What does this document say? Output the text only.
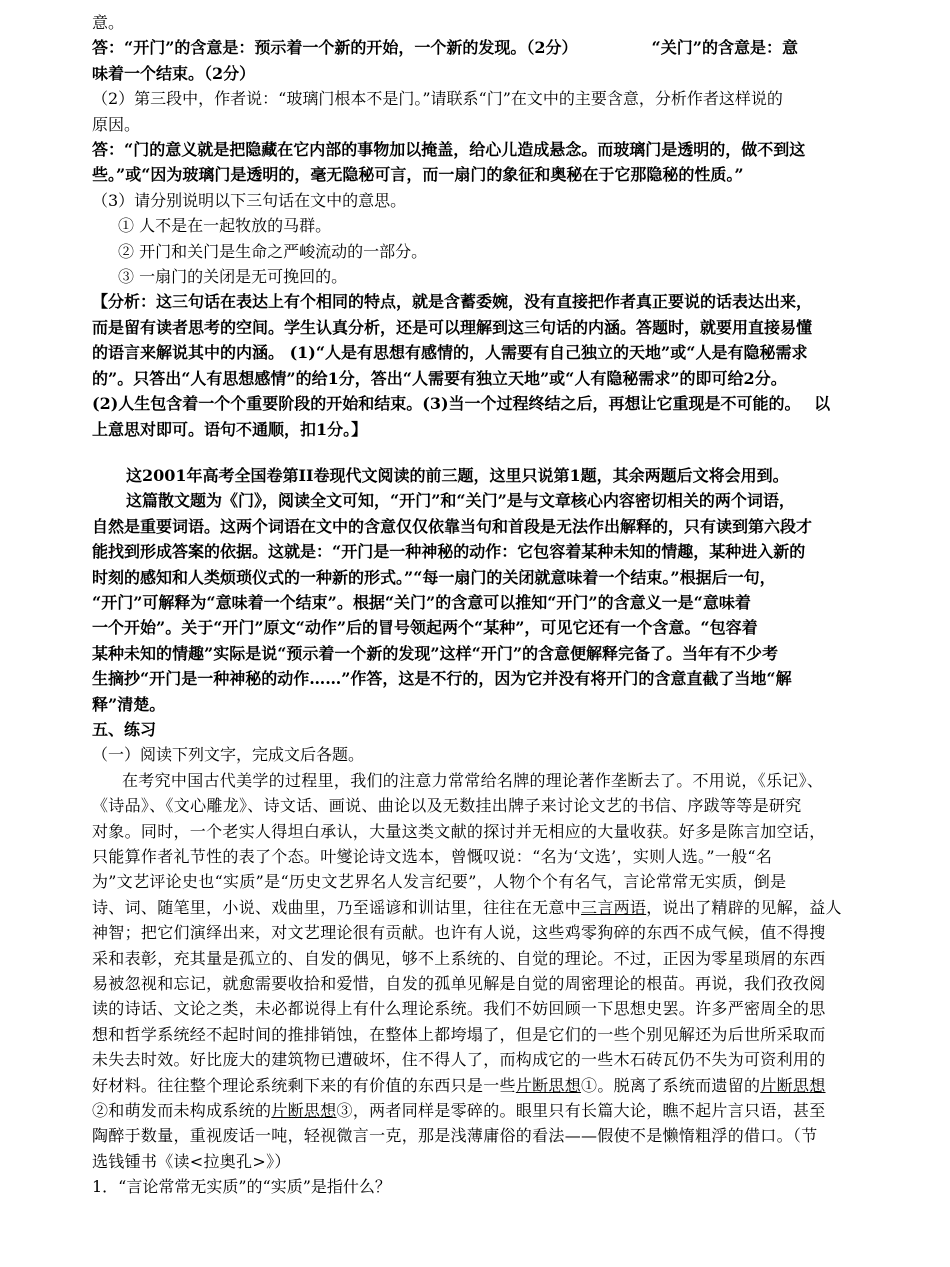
意。
答：“开门”的含意是：预示着一个新的开始，一个新的发现。（2分）	“关门”的含意是：意
味着一个结束。（2分）
（2）第三段中，作者说：“玻璃门根本不是门。”请联系“门”在文中的主要含意，分析作者这样说的
原因。
答：“门的意义就是把隐藏在它内部的事物加以掩盖，给心儿造成悬念。而玻璃门是透明的，做不到这
些。”或“因为玻璃门是透明的，毫无隐秘可言，而一扇门的象征和奥秘在于它那隐秘的性质。”
（3）请分别说明以下三句话在文中的意思。
① 人不是在一起牧放的马群。
② 开门和关门是生命之严峻流动的一部分。
③ 一扇门的关闭是无可挽回的。
【分析：这三句话在表达上有个相同的特点，就是含蓄委婉，没有直接把作者真正要说的话表达出来，
而是留有读者思考的空间。学生认真分析，还是可以理解到这三句话的内涵。答题时，就要用直接易懂
的语言来解说其中的内涵。 (1)“人是有思想有感情的，人需要有自己独立的天地”或“人是有隐秘需求
的”。只答出“人有思想感情”的给1分，答出“人需要有独立天地”或“人有隐秘需求”的即可给2分。
(2)人生包含着一个个重要阶段的开始和结束。(3)当一个过程终结之后，再想让它重现是不可能的。　 以
上意思对即可。语句不通顺，扣1分。】
这2001年高考全国卷第II卷现代文阅读的前三题，这里只说第1题，其余两题后文将会用到。
这篇散文题为《门》，阅读全文可知，“开门”和“关门”是与文章核心内容密切相关的两个词语，
自然是重要词语。这两个词语在文中的含意仅仅依靠当句和首段是无法作出解释的，只有读到第六段才
能找到形成答案的依据。这就是：“开门是一种神秘的动作：它包容着某种未知的情趣，某种进入新的
时刻的感知和人类烦琐仪式的一种新的形式。”“每一扇门的关闭就意味着一个结束。”根据后一句，
“开门”可解释为“意味着一个结束”。根据“关门”的含意可以推知“开门”的含意义一是“意味着
一个开始”。关于“开门”原文“动作”后的冒号领起两个“某种”，可见它还有一个含意。“包容着
某种未知的情趣”实际是说“预示着一个新的发现”这样“开门”的含意便解释完备了。当年有不少考
生摘抄“开门是一种神秘的动作……”作答，这是不行的，因为它并没有将开门的含意直截了当地“解
释”清楚。
五、练习
（一）阅读下列文字，完成文后各题。
在考究中国古代美学的过程里，我们的注意力常常给名牌的理论著作垄断去了。不用说，《乐记》、
《诗品》、《文心雕龙》、诗文话、画说、曲论以及无数挂出牌子来讨论文艺的书信、序跋等等是研究
对象。同时，一个老实人得坦白承认，大量这类文献的探讨并无相应的大量收获。好多是陈言加空话，
只能算作者礼节性的表了个态。叶燮论诗文选本，曾慨叹说：“名为‘文选’，实则人选。”一般“名
为”文艺评论史也“实质”是“历史文艺界名人发言纪要”，人物个个有名气，言论常常无实质，倒是
诗、词、随笔里，小说、戏曲里，乃至谣谚和训诂里，往往在无意中三言两语，说出了精辟的见解，益人
神智；把它们演绎出来，对文艺理论很有贡献。也许有人说，这些鸡零狗碎的东西不成气候，值不得搜
采和表彰，充其量是孤立的、自发的偶见，够不上系统的、自觉的理论。不过，正因为零星琐屑的东西
易被忽视和忘记，就愈需要收拾和爱惜，自发的孤单见解是自觉的周密理论的根苗。再说，我们孜孜阅
读的诗话、文论之类，未必都说得上有什么理论系统。我们不妨回顾一下思想史罢。许多严密周全的思
想和哲学系统经不起时间的推排销蚀，在整体上都垮塌了，但是它们的一些个别见解还为后世所采取而
未失去时效。好比庞大的建筑物已遭破坏，住不得人了，而构成它的一些木石砖瓦仍不失为可资利用的
好材料。往往整个理论系统剩下来的有价值的东西只是一些片断思想①。脱离了系统而遗留的片断思想
②和萌发而未构成系统的片断思想③，两者同样是零碎的。眼里只有长篇大论，瞧不起片言只语，甚至
陶醉于数量，重视废话一吨，轻视微言一克，那是浅薄庸俗的看法——假使不是懒惰粗浮的借口。（节
选钱锺书《读<拉奥孔>》）
1．“言论常常无实质”的“实质”是指什么？
